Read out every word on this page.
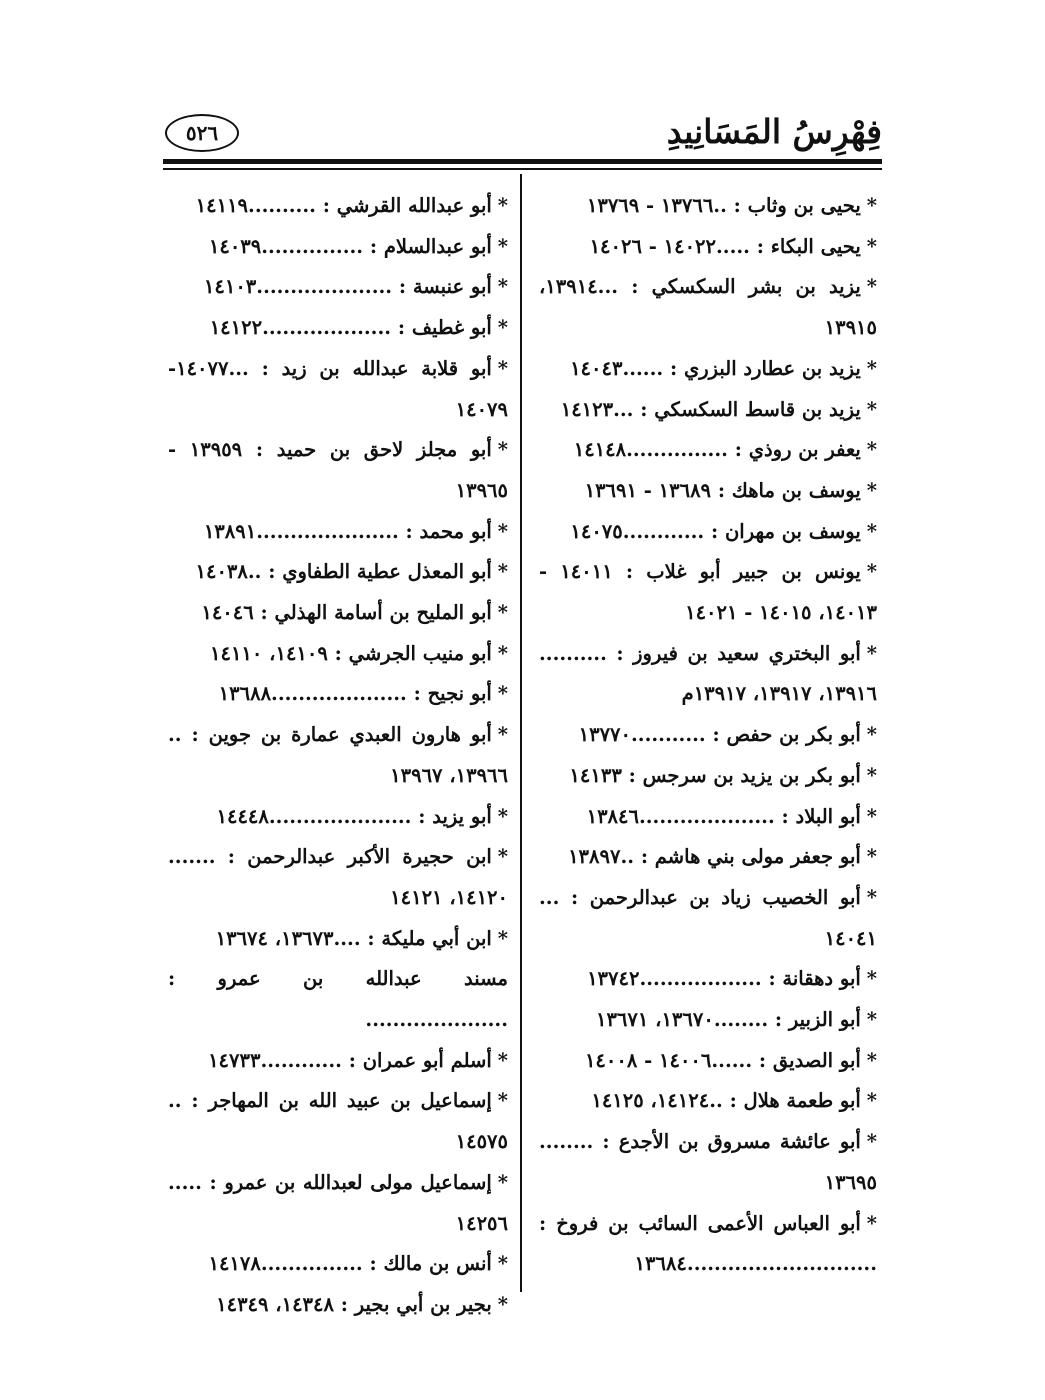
فِهْرِسُ المَسَانِيدِ
٥٢٦

*يحيى بن وثاب : ..١٣٧٦٦ - ١٣٧٦٩

*يحيى البكاء : .....١٤٠٢٢ - ١٤٠٢٦

*يزيد بن بشر السكسكي : ...١٣٩١٤، ١٣٩١٥

*يزيد بن عطارد البزري : ......١٤٠٤٣

*يزيد بن قاسط السكسكي : ...١٤١٢٣

*يعفر بن روذي : ...............١٤١٤٨

*يوسف بن ماهك : ١٣٦٨٩ - ١٣٦٩١

*يوسف بن مهران : ............١٤٠٧٥

*يونس بن جبير أبو غلاب : ١٤٠١١ - ١٤٠١٣، ١٤٠١٥ - ١٤٠٢١

*أبو البختري سعيد بن فيروز : .......... ١٣٩١٦، ١٣٩١٧، ١٣٩١٧م

*أبو بكر بن حفص : ...........١٣٧٧٠

*أبو بكر بن يزيد بن سرجس : ١٤١٣٣

*أبو البلاد : ....................١٣٨٤٦

*أبو جعفر مولى بني هاشم : ..١٣٨٩٧

*أبو الخصيب زياد بن عبدالرحمن : ... ١٤٠٤١

*أبو دهقانة : ..................١٣٧٤٢

*أبو الزبير : ........١٣٦٧٠، ١٣٦٧١

*أبو الصديق : ......١٤٠٠٦ - ١٤٠٠٨

*أبو طعمة هلال : ..١٤١٢٤، ١٤١٢٥

*أبو عائشة مسروق بن الأجدع : ........ ١٣٦٩٥

*أبو العباس الأعمى السائب بن فروخ : ............................١٣٦٨٤

*أبو عبدالله القرشي : ..........١٤١١٩

*أبو عبدالسلام : ...............١٤٠٣٩

*أبو عنبسة : ....................١٤١٠٣

*أبو غطيف : ...................١٤١٢٢

*أبو قلابة عبدالله بن زيد : ...١٤٠٧٧- ١٤٠٧٩

*أبو مجلز لاحق بن حميد : ١٣٩٥٩ - ١٣٩٦٥

*أبو محمد : .....................١٣٨٩١

*أبو المعذل عطية الطفاوي : ..١٤٠٣٨

*أبو المليح بن أسامة الهذلي : ١٤٠٤٦

*أبو منيب الجرشي : ١٤١٠٩، ١٤١١٠

*أبو نجيح : ....................١٣٦٨٨

*أبو هارون العبدي عمارة بن جوين : .. ١٣٩٦٦، ١٣٩٦٧

*أبو يزيد : .....................١٤٤٤٨

*ابن حجيرة الأكبر عبدالرحمن : ....... ١٤١٢٠، ١٤١٢١

*ابن أبي مليكة : ....١٣٦٧٣، ١٣٦٧٤

مسند عبدالله بن عمرو : .....................

*أسلم أبو عمران : ............١٤٧٣٣

*إسماعيل بن عبيد الله بن المهاجر : .. ١٤٥٧٥

*إسماعيل مولى لعبدالله بن عمرو : ..... ١٤٢٥٦

*أنس بن مالك : ...............١٤١٧٨

*بجير بن أبي بجير : ١٤٣٤٨، ١٤٣٤٩
